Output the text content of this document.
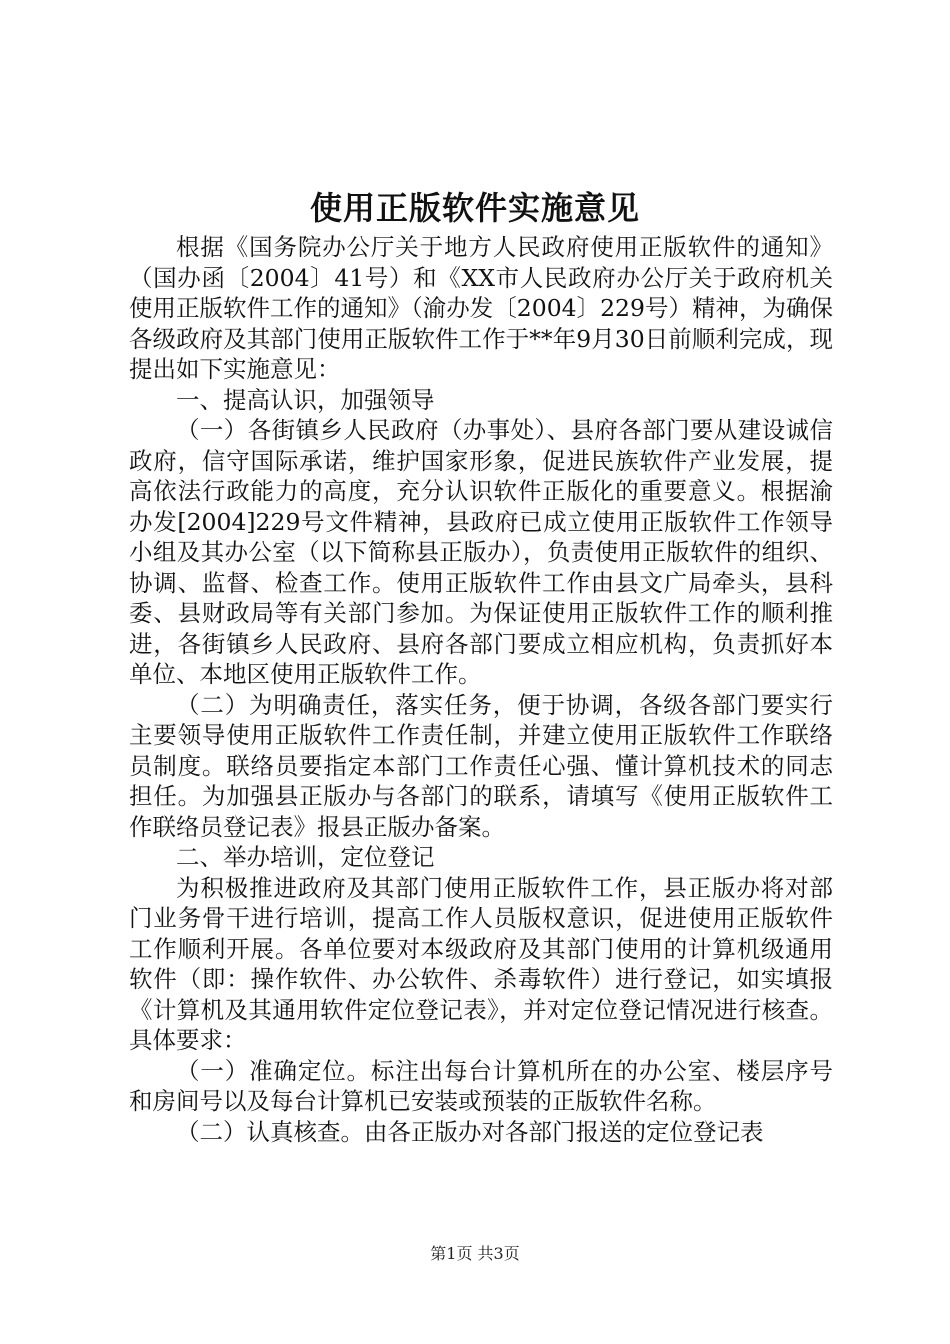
使用正版软件实施意见

根据《国务院办公厅关于地方人民政府使用正版软件的通知》（国办函〔2004〕41号）和《XX市人民政府办公厅关于政府机关使用正版软件工作的通知》（渝办发〔2004〕229号）精神，为确保各级政府及其部门使用正版软件工作于**年9月30日前顺利完成，现提出如下实施意见：

一、提高认识，加强领导

（一）各街镇乡人民政府（办事处）、县府各部门要从建设诚信政府，信守国际承诺，维护国家形象，促进民族软件产业发展，提高依法行政能力的高度，充分认识软件正版化的重要意义。根据渝办发[2004]229号文件精神，县政府已成立使用正版软件工作领导小组及其办公室（以下简称县正版办），负责使用正版软件的组织、协调、监督、检查工作。使用正版软件工作由县文广局牵头，县科委、县财政局等有关部门参加。为保证使用正版软件工作的顺利推进，各街镇乡人民政府、县府各部门要成立相应机构，负责抓好本单位、本地区使用正版软件工作。

（二）为明确责任，落实任务，便于协调，各级各部门要实行主要领导使用正版软件工作责任制，并建立使用正版软件工作联络员制度。联络员要指定本部门工作责任心强、懂计算机技术的同志担任。为加强县正版办与各部门的联系，请填写《使用正版软件工作联络员登记表》报县正版办备案。

二、举办培训，定位登记

为积极推进政府及其部门使用正版软件工作，县正版办将对部门业务骨干进行培训，提高工作人员版权意识，促进使用正版软件工作顺利开展。各单位要对本级政府及其部门使用的计算机级通用软件（即：操作软件、办公软件、杀毒软件）进行登记，如实填报《计算机及其通用软件定位登记表》，并对定位登记情况进行核查。具体要求：

（一）准确定位。标注出每台计算机所在的办公室、楼层序号和房间号以及每台计算机已安装或预装的正版软件名称。

（二）认真核查。由各正版办对各部门报送的定位登记表

第1页 共3页
